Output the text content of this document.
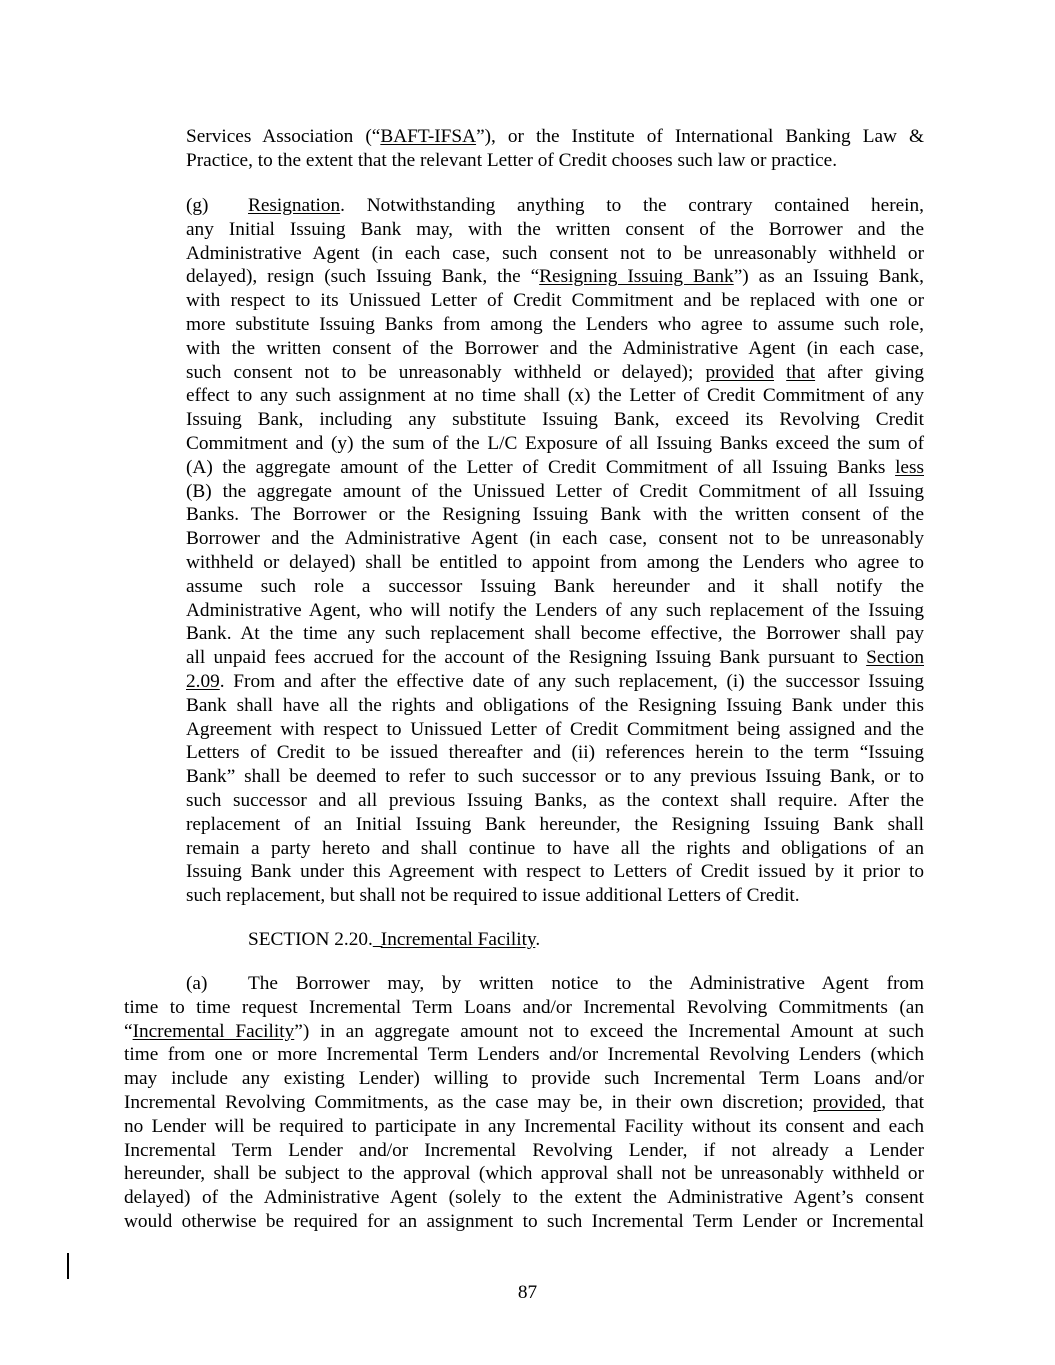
Services Association (“BAFT-IFSA”), or the Institute of International Banking Law &
Practice, to the extent that the relevant Letter of Credit chooses such law or practice.
(g) Resignation. Notwithstanding anything to the contrary contained herein,
any Initial Issuing Bank may, with the written consent of the Borrower and the
Administrative Agent (in each case, such consent not to be unreasonably withheld or
delayed), resign (such Issuing Bank, the “Resigning Issuing Bank”) as an Issuing Bank,
with respect to its Unissued Letter of Credit Commitment and be replaced with one or
more substitute Issuing Banks from among the Lenders who agree to assume such role,
with the written consent of the Borrower and the Administrative Agent (in each case,
such consent not to be unreasonably withheld or delayed); provided that after giving
effect to any such assignment at no time shall (x) the Letter of Credit Commitment of any
Issuing Bank, including any substitute Issuing Bank, exceed its Revolving Credit
Commitment and (y) the sum of the L/C Exposure of all Issuing Banks exceed the sum of
(A) the aggregate amount of the Letter of Credit Commitment of all Issuing Banks less
(B) the aggregate amount of the Unissued Letter of Credit Commitment of all Issuing
Banks. The Borrower or the Resigning Issuing Bank with the written consent of the
Borrower and the Administrative Agent (in each case, consent not to be unreasonably
withheld or delayed) shall be entitled to appoint from among the Lenders who agree to
assume such role a successor Issuing Bank hereunder and it shall notify the
Administrative Agent, who will notify the Lenders of any such replacement of the Issuing
Bank. At the time any such replacement shall become effective, the Borrower shall pay
all unpaid fees accrued for the account of the Resigning Issuing Bank pursuant to Section
2.09. From and after the effective date of any such replacement, (i) the successor Issuing
Bank shall have all the rights and obligations of the Resigning Issuing Bank under this
Agreement with respect to Unissued Letter of Credit Commitment being assigned and the
Letters of Credit to be issued thereafter and (ii) references herein to the term “Issuing
Bank” shall be deemed to refer to such successor or to any previous Issuing Bank, or to
such successor and all previous Issuing Banks, as the context shall require. After the
replacement of an Initial Issuing Bank hereunder, the Resigning Issuing Bank shall
remain a party hereto and shall continue to have all the rights and obligations of an
Issuing Bank under this Agreement with respect to Letters of Credit issued by it prior to
such replacement, but shall not be required to issue additional Letters of Credit.
SECTION 2.20. Incremental Facility.
(a) The Borrower may, by written notice to the Administrative Agent from
time to time request Incremental Term Loans and/or Incremental Revolving Commitments (an
“Incremental Facility”) in an aggregate amount not to exceed the Incremental Amount at such
time from one or more Incremental Term Lenders and/or Incremental Revolving Lenders (which
may include any existing Lender) willing to provide such Incremental Term Loans and/or
Incremental Revolving Commitments, as the case may be, in their own discretion; provided, that
no Lender will be required to participate in any Incremental Facility without its consent and each
Incremental Term Lender and/or Incremental Revolving Lender, if not already a Lender
hereunder, shall be subject to the approval (which approval shall not be unreasonably withheld or
delayed) of the Administrative Agent (solely to the extent the Administrative Agent’s consent
would otherwise be required for an assignment to such Incremental Term Lender or Incremental
87
